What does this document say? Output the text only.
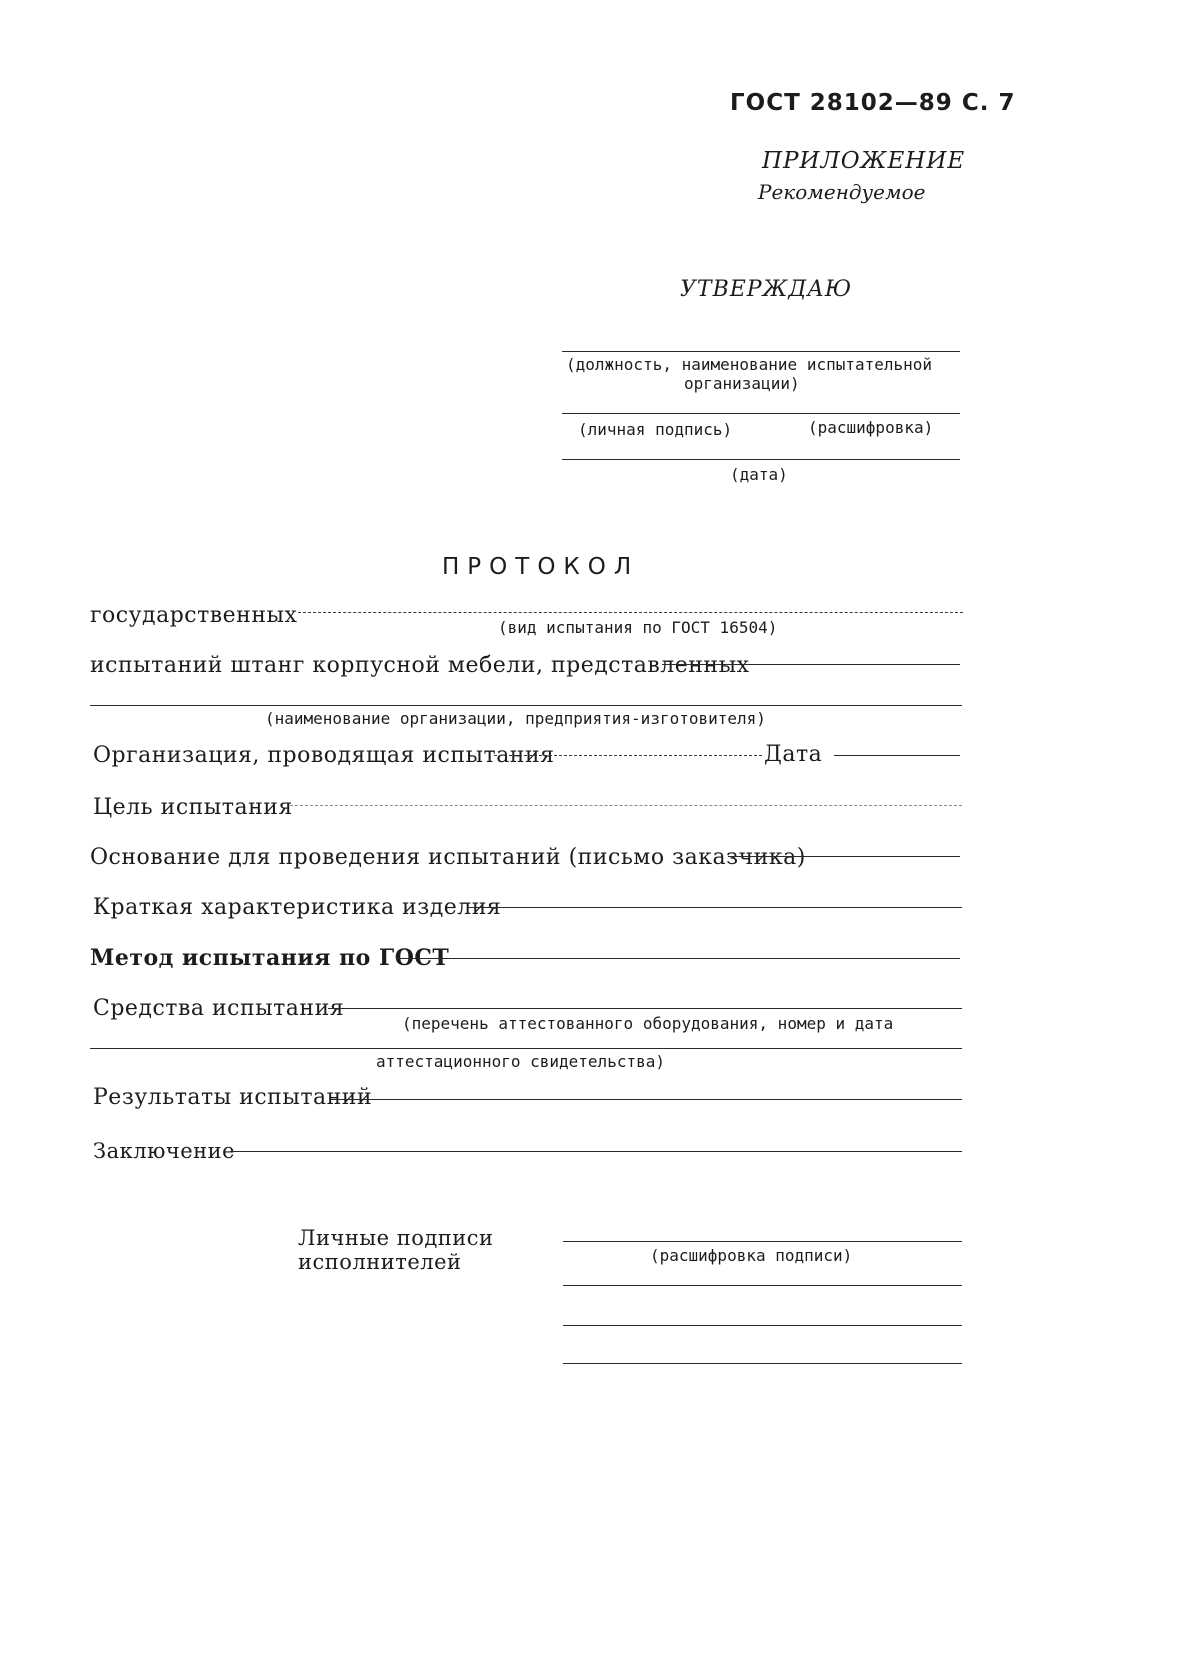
ГОСТ 28102—89 С. 7
ПРИЛОЖЕНИЕ
Рекомендуемое
УТВЕРЖДАЮ
(должность, наименование испытательной
организации)
(личная подпись)	(расшифровка)
(дата)
ПРОТОКОЛ
государственных	(вид испытания по ГОСТ 16504)
испытаний штанг корпусной мебели, представленных
(наименование организации, предприятия-изготовителя)
Организация, проводящая испытания	Дата
Цель испытания
Основание для проведения испытаний (письмо заказчика)
Краткая характеристика изделия
Метод испытания по ГОСТ
Средства испытания
(перечень аттестованного оборудования, номер и дата
аттестационного свидетельства)
Результаты испытаний
Заключение
Личные подписи
исполнителей	(расшифровка подписи)
